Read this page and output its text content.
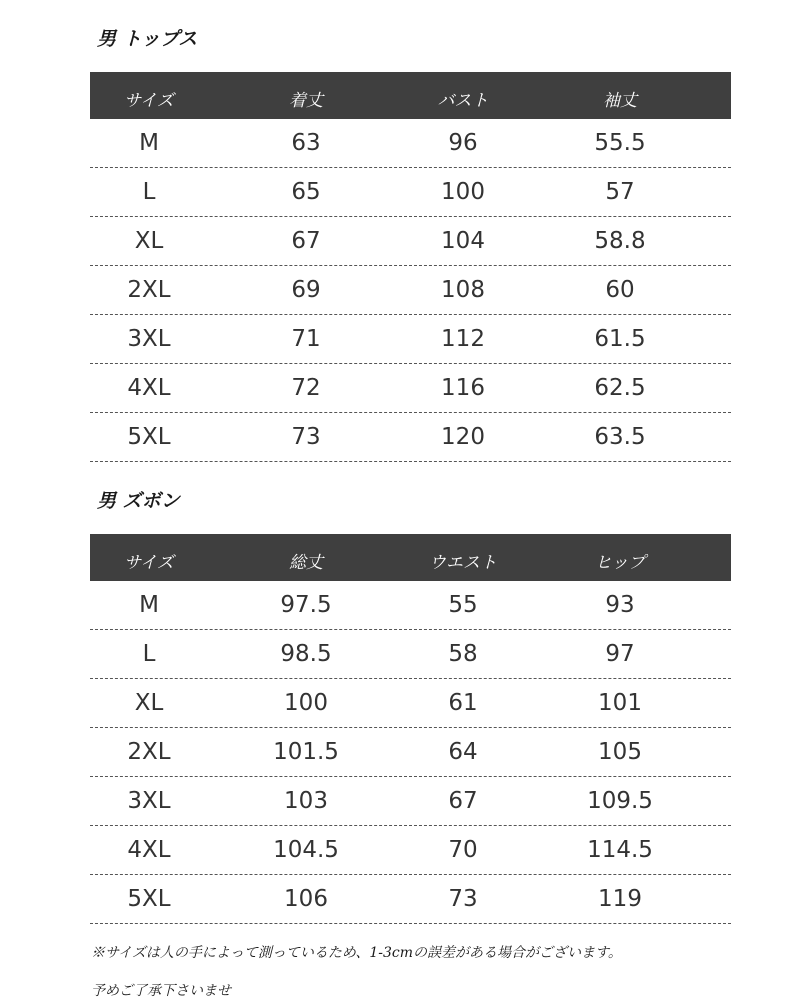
男 トップス
サイズ	着丈	バスト	袖丈
M	63	96	55.5
L	65	100	57
XL	67	104	58.8
2XL	69	108	60
3XL	71	112	61.5
4XL	72	116	62.5
5XL	73	120	63.5
男 ズボン
サイズ	総丈	ウエスト	ヒップ
M	97.5	55	93
L	98.5	58	97
XL	100	61	101
2XL	101.5	64	105
3XL	103	67	109.5
4XL	104.5	70	114.5
5XL	106	73	119
※サイズは人の手によって測っているため、1-3cmの誤差がある場合がございます。
予めご了承下さいませ
